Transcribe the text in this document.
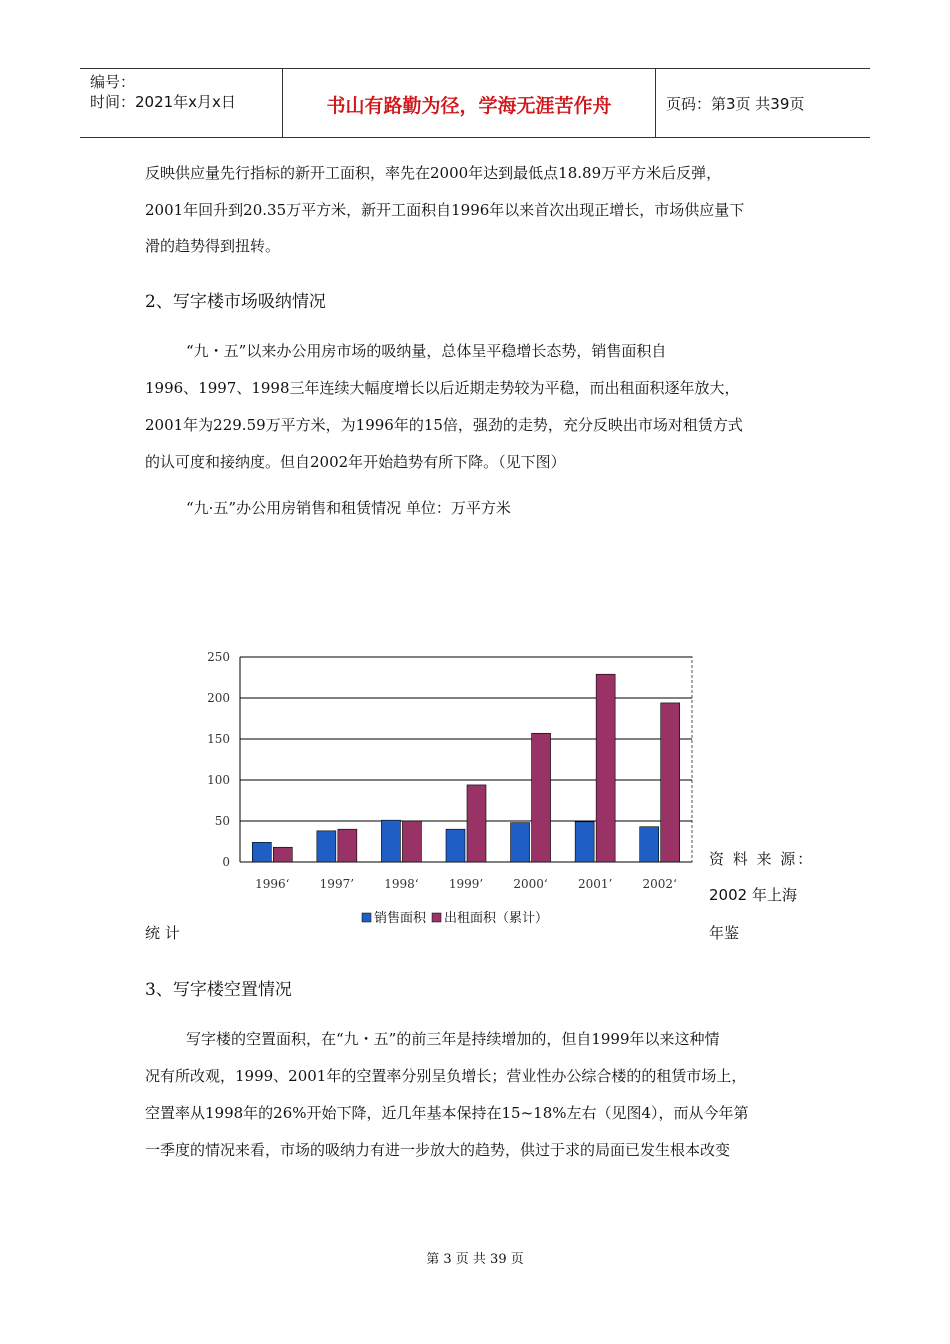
编号：
时间：2021年x月x日	书山有路勤为径，学海无涯苦作舟	页码：第3页 共39页
反映供应量先行指标的新开工面积，率先在2000年达到最低点18.89万平方米后反弹，
2001年回升到20.35万平方米，新开工面积自1996年以来首次出现正增长，市场供应量下
滑的趋势得到扭转。
2、写字楼市场吸纳情况
“九・五”以来办公用房市场的吸纳量，总体呈平稳增长态势，销售面积自
1996、1997、1998三年连续大幅度增长以后近期走势较为平稳，而出租面积逐年放大，
2001年为229.59万平方米，为1996年的15倍，强劲的走势，充分反映出市场对租赁方式
的认可度和接纳度。但自2002年开始趋势有所下降。（见下图）
“九·五”办公用房销售和租赁情况 单位：万平方米
0
50
100
150
200
250
1996‘	1997’	1998‘	1999’	2000‘	2001’	2002‘
销售面积 出租面积（累计）
资 料 来 源：
2002 年上海
年鉴
统 计
3、写字楼空置情况
写字楼的空置面积，在“九・五”的前三年是持续增加的，但自1999年以来这种情
况有所改观，1999、2001年的空置率分别呈负增长；营业性办公综合楼的的租赁市场上，
空置率从1998年的26%开始下降，近几年基本保持在15~18%左右（见图4），而从今年第
一季度的情况来看，市场的吸纳力有进一步放大的趋势，供过于求的局面已发生根本改变
第 3 页 共 39 页
